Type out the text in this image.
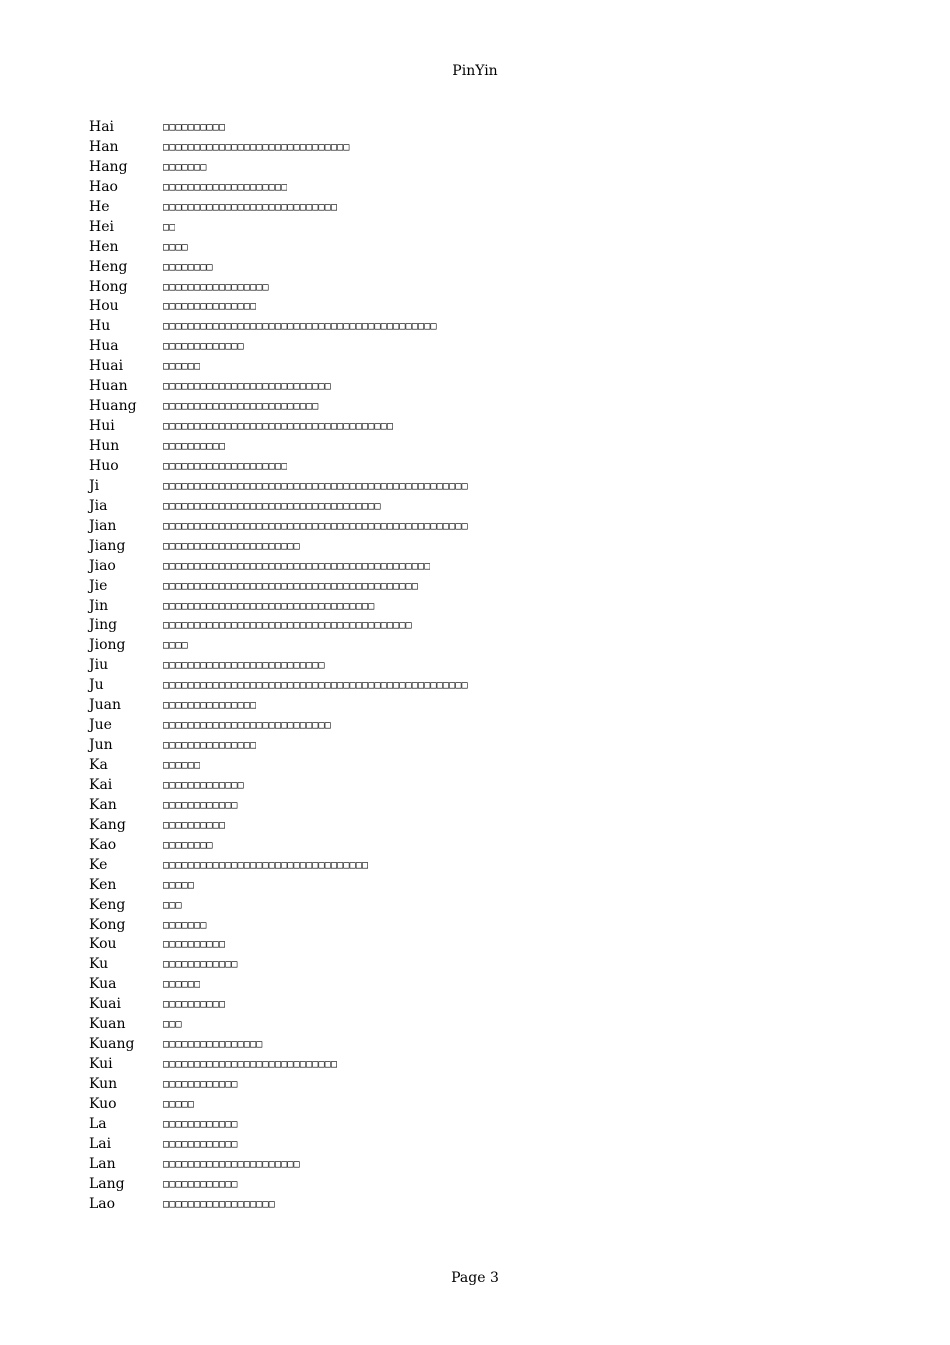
PinYin
Hai	□□□□□□□□□□
Han	□□□□□□□□□□□□□□□□□□□□□□□□□□□□□□
Hang	□□□□□□□
Hao	□□□□□□□□□□□□□□□□□□□□
He	□□□□□□□□□□□□□□□□□□□□□□□□□□□□
Hei	□□
Hen	□□□□
Heng	□□□□□□□□
Hong	□□□□□□□□□□□□□□□□□
Hou	□□□□□□□□□□□□□□□
Hu	□□□□□□□□□□□□□□□□□□□□□□□□□□□□□□□□□□□□□□□□□□□□
Hua	□□□□□□□□□□□□□
Huai	□□□□□□
Huan	□□□□□□□□□□□□□□□□□□□□□□□□□□□
Huang	□□□□□□□□□□□□□□□□□□□□□□□□□
Hui	□□□□□□□□□□□□□□□□□□□□□□□□□□□□□□□□□□□□□
Hun	□□□□□□□□□□
Huo	□□□□□□□□□□□□□□□□□□□□
Ji	□□□□□□□□□□□□□□□□□□□□□□□□□□□□□□□□□□□□□□□□□□□□□□□□□
Jia	□□□□□□□□□□□□□□□□□□□□□□□□□□□□□□□□□□□
Jian	□□□□□□□□□□□□□□□□□□□□□□□□□□□□□□□□□□□□□□□□□□□□□□□□□
Jiang	□□□□□□□□□□□□□□□□□□□□□□
Jiao	□□□□□□□□□□□□□□□□□□□□□□□□□□□□□□□□□□□□□□□□□□□
Jie	□□□□□□□□□□□□□□□□□□□□□□□□□□□□□□□□□□□□□□□□□
Jin	□□□□□□□□□□□□□□□□□□□□□□□□□□□□□□□□□□
Jing	□□□□□□□□□□□□□□□□□□□□□□□□□□□□□□□□□□□□□□□□
Jiong	□□□□
Jiu	□□□□□□□□□□□□□□□□□□□□□□□□□□
Ju	□□□□□□□□□□□□□□□□□□□□□□□□□□□□□□□□□□□□□□□□□□□□□□□□□
Juan	□□□□□□□□□□□□□□□
Jue	□□□□□□□□□□□□□□□□□□□□□□□□□□□
Jun	□□□□□□□□□□□□□□□
Ka	□□□□□□
Kai	□□□□□□□□□□□□□
Kan	□□□□□□□□□□□□
Kang	□□□□□□□□□□
Kao	□□□□□□□□
Ke	□□□□□□□□□□□□□□□□□□□□□□□□□□□□□□□□□
Ken	□□□□□
Keng	□□□
Kong	□□□□□□□
Kou	□□□□□□□□□□
Ku	□□□□□□□□□□□□
Kua	□□□□□□
Kuai	□□□□□□□□□□
Kuan	□□□
Kuang	□□□□□□□□□□□□□□□□
Kui	□□□□□□□□□□□□□□□□□□□□□□□□□□□□
Kun	□□□□□□□□□□□□
Kuo	□□□□□
La	□□□□□□□□□□□□
Lai	□□□□□□□□□□□□
Lan	□□□□□□□□□□□□□□□□□□□□□□
Lang	□□□□□□□□□□□□
Lao	□□□□□□□□□□□□□□□□□□
Page 3
